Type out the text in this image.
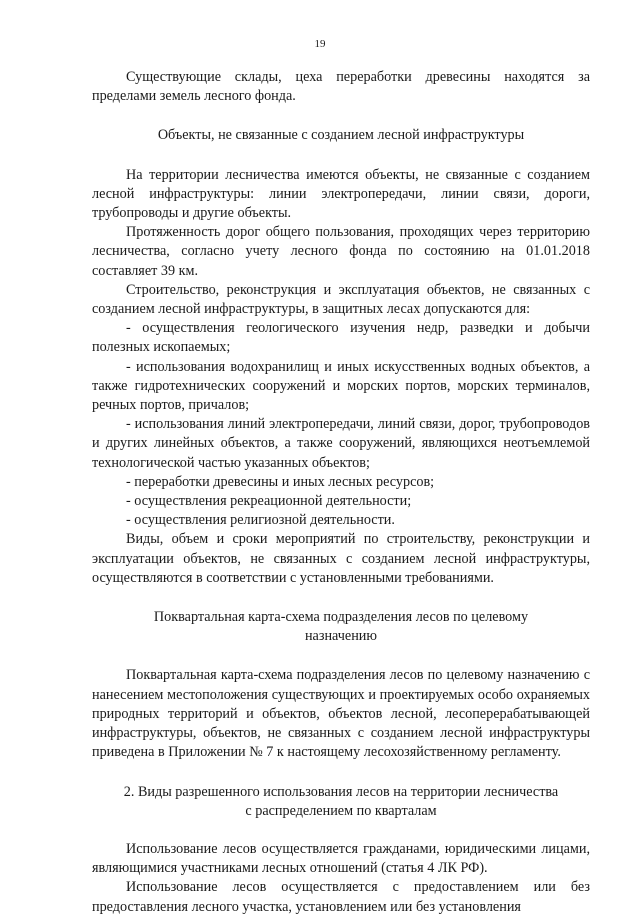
19

Существующие склады, цеха переработки древесины находятся за пределами земель лесного фонда.

Объекты, не связанные с созданием лесной инфраструктуры

На территории лесничества имеются объекты, не связанные с созданием лесной инфраструктуры: линии электропередачи, линии связи, дороги, трубопроводы и другие объекты.

Протяженность дорог общего пользования, проходящих через территорию лесничества, согласно учету лесного фонда по состоянию на 01.01.2018 составляет 39 км.

Строительство, реконструкция и эксплуатация объектов, не связанных с созданием лесной инфраструктуры, в защитных лесах допускаются для:

- осуществления геологического изучения недр, разведки и добычи полезных ископаемых;

- использования водохранилищ и иных искусственных водных объектов, а также гидротехнических сооружений и морских портов, морских терминалов, речных портов, причалов;

- использования линий электропередачи, линий связи, дорог, трубопроводов и других линейных объектов, а также сооружений, являющихся неотъемлемой технологической частью указанных объектов;

- переработки древесины и иных лесных ресурсов;

- осуществления рекреационной деятельности;

- осуществления религиозной деятельности.

Виды, объем и сроки мероприятий по строительству, реконструкции и эксплуатации объектов, не связанных с созданием лесной инфраструктуры, осуществляются в соответствии с установленными требованиями.

Поквартальная карта-схема подразделения лесов по целевому назначению

Поквартальная карта-схема подразделения лесов по целевому назначению с нанесением местоположения существующих и проектируемых особо охраняемых природных территорий и объектов, объектов лесной, лесоперерабатывающей инфраструктуры, объектов, не связанных с созданием лесной инфраструктуры приведена в Приложении № 7 к настоящему лесохозяйственному регламенту.

2. Виды разрешенного использования лесов на территории лесничества с распределением по кварталам

Использование лесов осуществляется гражданами, юридическими лицами, являющимися участниками лесных отношений (статья 4 ЛК РФ).

Использование лесов осуществляется с предоставлением или без предоставления лесного участка, установлением или без установления
